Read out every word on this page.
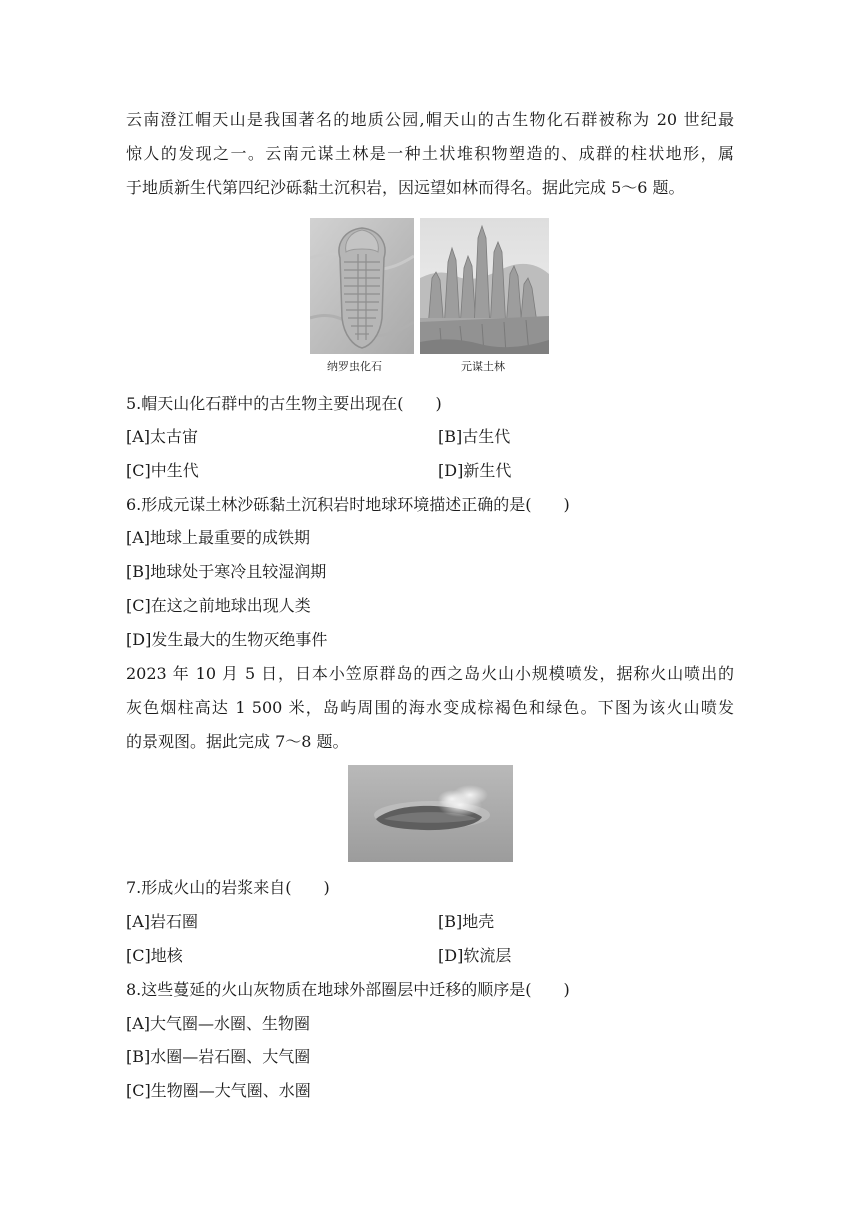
云南澄江帽天山是我国著名的地质公园,帽天山的古生物化石群被称为 20 世纪最
惊人的发现之一。云南元谋土林是一种土状堆积物塑造的、成群的柱状地形，属
于地质新生代第四纪沙砾黏土沉积岩，因远望如林而得名。据此完成 5～6 题。
纳罗虫化石	元谋土林
5.帽天山化石群中的古生物主要出现在(　　)
[A]太古宙	[B]古生代
[C]中生代	[D]新生代
6.形成元谋土林沙砾黏土沉积岩时地球环境描述正确的是(　　)
[A]地球上最重要的成铁期
[B]地球处于寒冷且较湿润期
[C]在这之前地球出现人类
[D]发生最大的生物灭绝事件
2023 年 10 月 5 日，日本小笠原群岛的西之岛火山小规模喷发，据称火山喷出的
灰色烟柱高达 1 500 米，岛屿周围的海水变成棕褐色和绿色。下图为该火山喷发
的景观图。据此完成 7～8 题。
7.形成火山的岩浆来自(　　)
[A]岩石圈	[B]地壳
[C]地核	[D]软流层
8.这些蔓延的火山灰物质在地球外部圈层中迁移的顺序是(　　)
[A]大气圈—水圈、生物圈
[B]水圈—岩石圈、大气圈
[C]生物圈—大气圈、水圈
